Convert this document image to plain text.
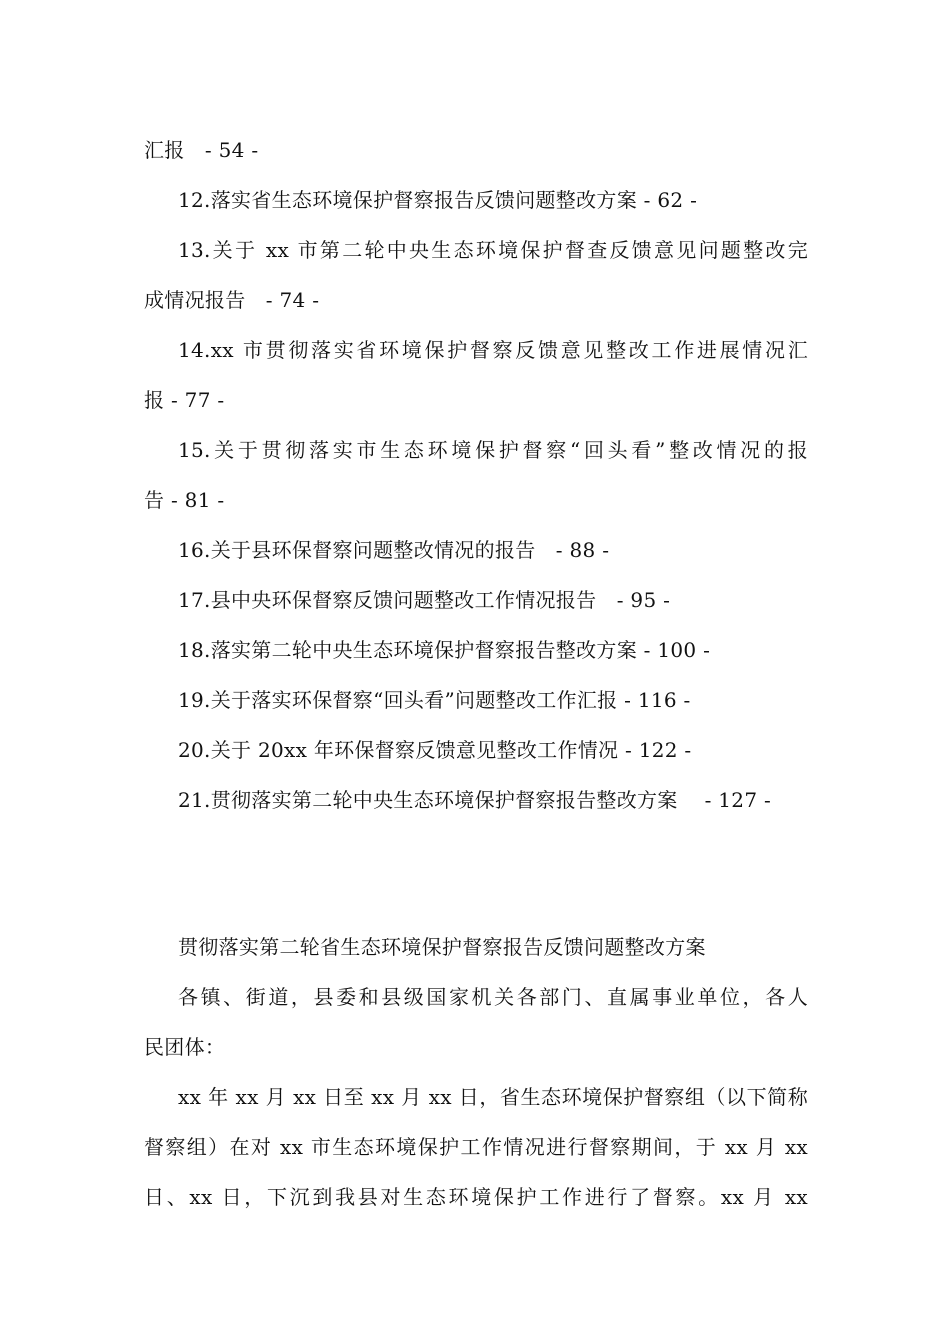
汇报　- 54 -
12.落实省生态环境保护督察报告反馈问题整改方案 - 62 -
13.关于 xx 市第二轮中央生态环境保护督查反馈意见问题整改完
成情况报告　- 74 -
14.xx 市贯彻落实省环境保护督察反馈意见整改工作进展情况汇
报 - 77 -
15.关于贯彻落实市生态环境保护督察“回头看”整改情况的报
告 - 81 -
16.关于县环保督察问题整改情况的报告　- 88 -
17.县中央环保督察反馈问题整改工作情况报告　- 95 -
18.落实第二轮中央生态环境保护督察报告整改方案 - 100 -
19.关于落实环保督察“回头看”问题整改工作汇报 - 116 -
20.关于 20xx 年环保督察反馈意见整改工作情况 - 122 -
21.贯彻落实第二轮中央生态环境保护督察报告整改方案　 - 127 -
贯彻落实第二轮省生态环境保护督察报告反馈问题整改方案
各镇、街道，县委和县级国家机关各部门、直属事业单位，各人
民团体：
xx 年 xx 月 xx 日至 xx 月 xx 日，省生态环境保护督察组（以下简称
督察组）在对 xx 市生态环境保护工作情况进行督察期间，于 xx 月 xx
日、xx 日，下沉到我县对生态环境保护工作进行了督察。xx 月 xx
